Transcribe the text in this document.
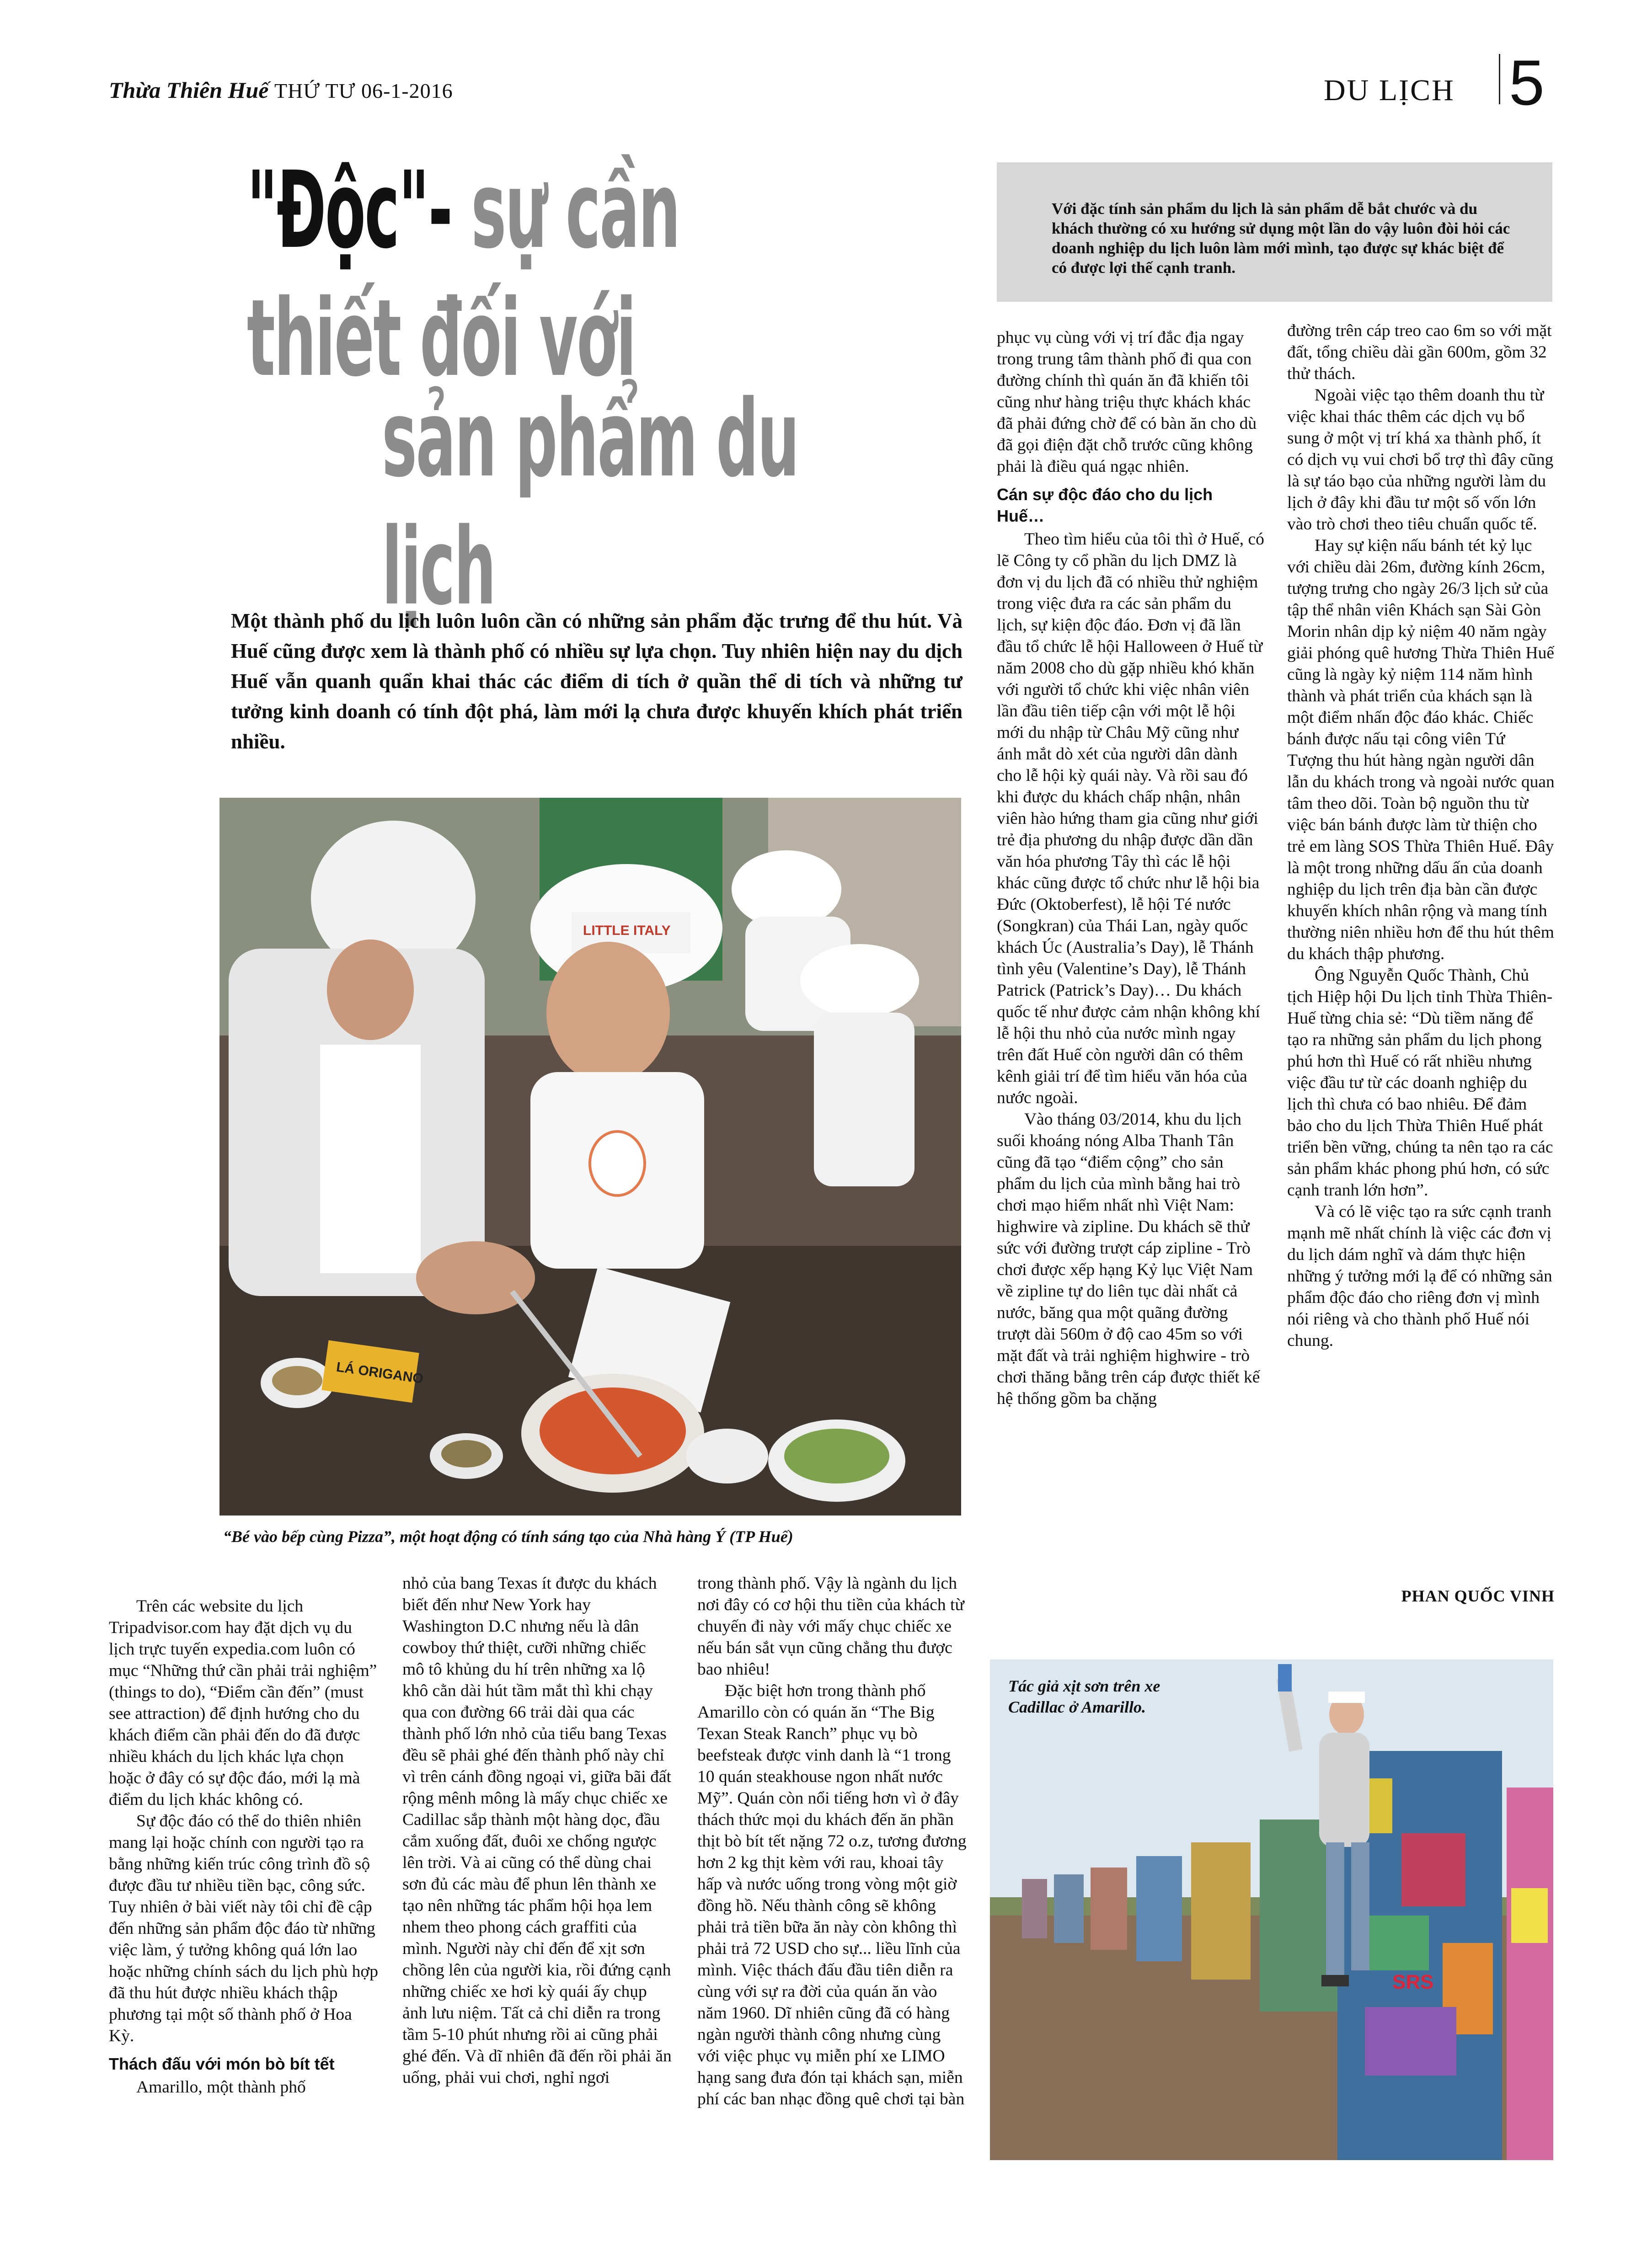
Thừa Thiên Huế THỨ TƯ 06-1-2016	DU LỊCH 5
"Độc"- sự cần thiết đối với
sản phẩm du lịch

Với đặc tính sản phẩm du lịch là sản phẩm dễ bắt chước và du khách thường có xu hướng sử dụng một lần do vậy luôn đòi hỏi các doanh nghiệp du lịch luôn làm mới mình, tạo được sự khác biệt để có được lợi thế cạnh tranh.

Một thành phố du lịch luôn luôn cần có những sản phẩm đặc trưng để thu hút. Và Huế cũng được xem là thành phố có nhiều sự lựa chọn. Tuy nhiên hiện nay du dịch Huế vẫn quanh quẩn khai thác các điểm di tích ở quần thể di tích và những tư tưởng kinh doanh có tính đột phá, làm mới lạ chưa được khuyến khích phát triển nhiều.
LITTLE ITALY
LÁ ORIGANO
“Bé vào bếp cùng Pizza”, một hoạt động có tính sáng tạo của Nhà hàng Ý (TP Huế)

phục vụ cùng với vị trí đắc địa ngay trong trung tâm thành phố đi qua con đường chính thì quán ăn đã khiến tôi cũng như hàng triệu thực khách khác đã phải đứng chờ để có bàn ăn cho dù đã gọi điện đặt chỗ trước cũng không phải là điều quá ngạc nhiên.

Cán sự độc đáo cho du lịch Huế…

Theo tìm hiểu của tôi thì ở Huế, có lẽ Công ty cổ phần du lịch DMZ là đơn vị du lịch đã có nhiều thử nghiệm trong việc đưa ra các sản phẩm du lịch, sự kiện độc đáo. Đơn vị đã lần đầu tổ chức lễ hội Halloween ở Huế từ năm 2008 cho dù gặp nhiều khó khăn với người tổ chức khi việc nhân viên lần đầu tiên tiếp cận với một lễ hội mới du nhập từ Châu Mỹ cũng như ánh mắt dò xét của người dân dành cho lễ hội kỳ quái này. Và rồi sau đó khi được du khách chấp nhận, nhân viên hào hứng tham gia cũng như giới trẻ địa phương du nhập được dần dần văn hóa phương Tây thì các lễ hội khác cũng được tổ chức như lễ hội bia Đức (Oktoberfest), lễ hội Té nước (Songkran) của Thái Lan, ngày quốc khách Úc (Australia’s Day), lễ Thánh tình yêu (Valentine’s Day), lễ Thánh Patrick (Patrick’s Day)… Du khách quốc tế như được cảm nhận không khí lễ hội thu nhỏ của nước mình ngay trên đất Huế còn người dân có thêm kênh giải trí để tìm hiểu văn hóa của nước ngoài.

Vào tháng 03/2014, khu du lịch suối khoáng nóng Alba Thanh Tân cũng đã tạo “điểm cộng” cho sản phẩm du lịch của mình bằng hai trò chơi mạo hiểm nhất nhì Việt Nam: highwire và zipline. Du khách sẽ thử sức với đường trượt cáp zipline - Trò chơi được xếp hạng Kỷ lục Việt Nam về zipline tự do liên tục dài nhất cả nước, băng qua một quãng đường trượt dài 560m ở độ cao 45m so với mặt đất và trải nghiệm highwire - trò chơi thăng bằng trên cáp được thiết kế hệ thống gồm ba chặng

đường trên cáp treo cao 6m so với mặt đất, tổng chiều dài gần 600m, gồm 32 thử thách.

Ngoài việc tạo thêm doanh thu từ việc khai thác thêm các dịch vụ bổ sung ở một vị trí khá xa thành phố, ít có dịch vụ vui chơi bổ trợ thì đây cũng là sự táo bạo của những người làm du lịch ở đây khi đầu tư một số vốn lớn vào trò chơi theo tiêu chuẩn quốc tế.

Hay sự kiện nấu bánh tét kỷ lục với chiều dài 26m, đường kính 26cm, tượng trưng cho ngày 26/3 lịch sử của tập thể nhân viên Khách sạn Sài Gòn Morin nhân dịp kỷ niệm 40 năm ngày giải phóng quê hương Thừa Thiên Huế cũng là ngày kỷ niệm 114 năm hình thành và phát triển của khách sạn là một điểm nhấn độc đáo khác. Chiếc bánh được nấu tại công viên Tứ Tượng thu hút hàng ngàn người dân lẫn du khách trong và ngoài nước quan tâm theo dõi. Toàn bộ nguồn thu từ việc bán bánh được làm từ thiện cho trẻ em làng SOS Thừa Thiên Huế. Đây là một trong những dấu ấn của doanh nghiệp du lịch trên địa bàn cần được khuyến khích nhân rộng và mang tính thường niên nhiều hơn để thu hút thêm du khách thập phương.

Ông Nguyễn Quốc Thành, Chủ tịch Hiệp hội Du lịch tỉnh Thừa Thiên-Huế từng chia sẻ: “Dù tiềm năng để tạo ra những sản phẩm du lịch phong phú hơn thì Huế có rất nhiều nhưng việc đầu tư từ các doanh nghiệp du lịch thì chưa có bao nhiêu. Để đảm bảo cho du lịch Thừa Thiên Huế phát triển bền vững, chúng ta nên tạo ra các sản phẩm khác phong phú hơn, có sức cạnh tranh lớn hơn”.

Và có lẽ việc tạo ra sức cạnh tranh mạnh mẽ nhất chính là việc các đơn vị du lịch dám nghĩ và dám thực hiện những ý tưởng mới lạ để có những sản phẩm độc đáo cho riêng đơn vị mình nói riêng và cho thành phố Huế nói chung.

PHAN QUỐC VINH

Trên các website du lịch Tripadvisor.com hay đặt dịch vụ du lịch trực tuyến expedia.com luôn có mục “Những thứ cần phải trải nghiệm” (things to do), “Điểm cần đến” (must see attraction) để định hướng cho du khách điểm cần phải đến do đã được nhiều khách du lịch khác lựa chọn hoặc ở đây có sự độc đáo, mới lạ mà điểm du lịch khác không có.

Sự độc đáo có thể do thiên nhiên mang lại hoặc chính con người tạo ra bằng những kiến trúc công trình đồ sộ được đầu tư nhiều tiền bạc, công sức. Tuy nhiên ở bài viết này tôi chỉ đề cập đến những sản phẩm độc đáo từ những việc làm, ý tưởng không quá lớn lao hoặc những chính sách du lịch phù hợp đã thu hút được nhiều khách thập phương tại một số thành phố ở Hoa Kỳ.

Thách đấu với món bò bít tết

Amarillo, một thành phố

nhỏ của bang Texas ít được du khách biết đến như New York hay Washington D.C nhưng nếu là dân cowboy thứ thiệt, cưỡi những chiếc mô tô khủng du hí trên những xa lộ khô cằn dài hút tầm mắt thì khi chạy qua con đường 66 trải dài qua các thành phố lớn nhỏ của tiểu bang Texas đều sẽ phải ghé đến thành phố này chỉ vì trên cánh đồng ngoại vi, giữa bãi đất rộng mênh mông là mấy chục chiếc xe Cadillac sắp thành một hàng dọc, đầu cắm xuống đất, đuôi xe chổng ngược lên trời. Và ai cũng có thể dùng chai sơn đủ các màu để phun lên thành xe tạo nên những tác phẩm hội họa lem nhem theo phong cách graffiti của mình. Người này chỉ đến để xịt sơn chồng lên của người kia, rồi đứng cạnh những chiếc xe hơi kỳ quái ấy chụp ảnh lưu niệm. Tất cả chỉ diễn ra trong tầm 5-10 phút nhưng rồi ai cũng phải ghé đến. Và dĩ nhiên đã đến rồi phải ăn uống, phải vui chơi, nghỉ ngơi

trong thành phố. Vậy là ngành du lịch nơi đây có cơ hội thu tiền của khách từ chuyến đi này với mấy chục chiếc xe nếu bán sắt vụn cũng chẳng thu được bao nhiêu!

Đặc biệt hơn trong thành phố Amarillo còn có quán ăn “The Big Texan Steak Ranch” phục vụ bò beefsteak được vinh danh là “1 trong 10 quán steakhouse ngon nhất nước Mỹ”. Quán còn nổi tiếng hơn vì ở đây thách thức mọi du khách đến ăn phần thịt bò bít tết nặng 72 o.z, tương đương hơn 2 kg thịt kèm với rau, khoai tây hấp và nước uống trong vòng một giờ đồng hồ. Nếu thành công sẽ không phải trả tiền bữa ăn này còn không thì phải trả 72 USD cho sự... liều lĩnh của mình. Việc thách đấu đầu tiên diễn ra cùng với sự ra đời của quán ăn vào năm 1960. Dĩ nhiên cũng đã có hàng ngàn người thành công nhưng cùng với việc phục vụ miễn phí xe LIMO hạng sang đưa đón tại khách sạn, miễn phí các ban nhạc đồng quê chơi tại bàn

SRS
Tác giả xịt sơn trên xe Cadillac ở Amarillo.
